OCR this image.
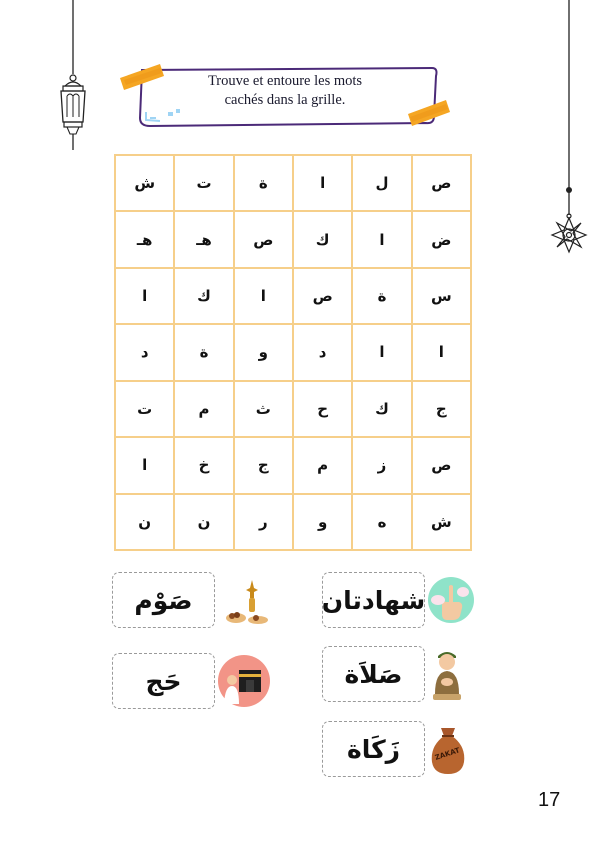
Trouve et entoure les mots
cachés dans la grille.
ش	ت	ة	ا	ل	ص
هـ	هـ	ص	ك	ا	ض
ا	ك	ا	ص	ة	س
د	ة	و	د	ا	ا
ت	م	ث	ح	ك	ج
ا	خ	ج	م	ز	ص
ن	ن	ر	و	ه	ش
صَوْم
حَج
شهادتان
صَلاَة
زَكَاة	ZAKAT
17
